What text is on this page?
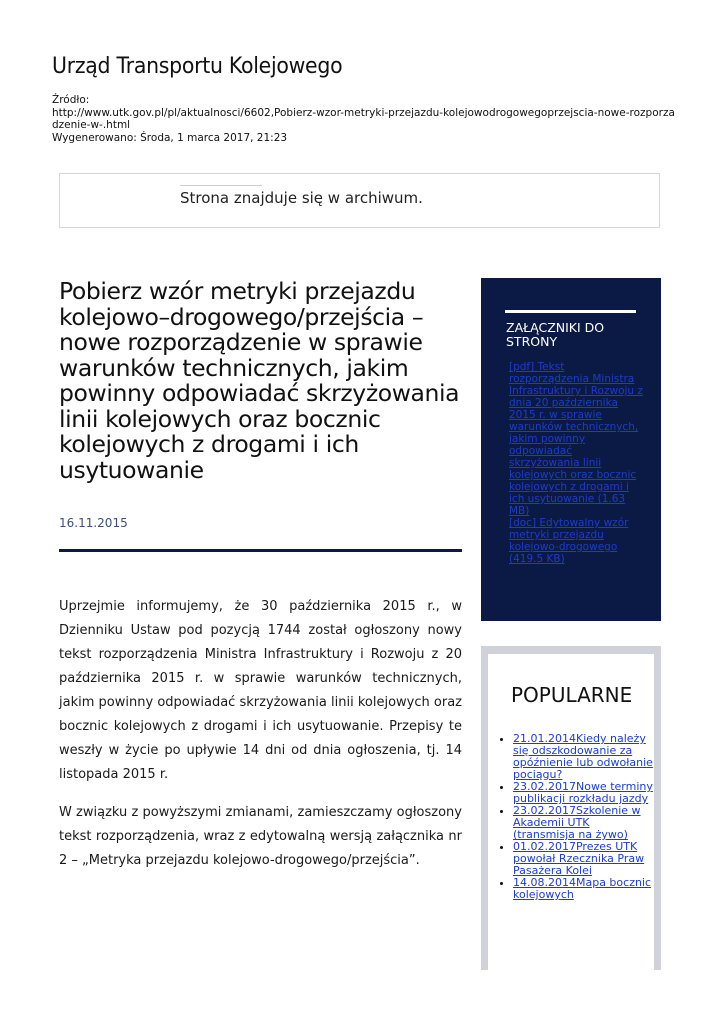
Urząd Transportu Kolejowego
Źródło:
http://www.utk.gov.pl/pl/aktualnosci/6602,Pobierz-wzor-metryki-przejazdu-kolejowodrogowegoprzejscia-nowe-rozporza
dzenie-w-.html
Wygenerowano: Środa, 1 marca 2017, 21:23
Strona znajduje się w archiwum.
Pobierz wzór metryki przejazdu kolejowo–drogowego/przejścia – nowe rozporządzenie w sprawie warunków technicznych, jakim powinny odpowiadać skrzyżowania linii kolejowych oraz bocznic kolejowych z drogami i ich usytuowanie
16.11.2015

Uprzejmie informujemy, że 30 października 2015 r., w Dzienniku Ustaw pod pozycją 1744 został ogłoszony nowy tekst rozporządzenia Ministra Infrastruktury i Rozwoju z 20 października 2015 r. w sprawie warunków technicznych, jakim powinny odpowiadać skrzyżowania linii kolejowych oraz bocznic kolejowych z drogami i ich usytuowanie. Przepisy te weszły w życie po upływie 14 dni od dnia ogłoszenia, tj. 14 listopada 2015 r.

W związku z powyższymi zmianami, zamieszczamy ogłoszony tekst rozporządzenia, wraz z edytowalną wersją załącznika nr 2 – „Metryka przejazdu kolejowo-drogowego/przejścia”.

ZAŁĄCZNIKI DO STRONY
[pdf] Tekst rozporządzenia Ministra Infrastruktury i Rozwoju z dnia 20 października 2015 r. w sprawie warunków technicznych, jakim powinny odpowiadać skrzyżowania linii kolejowych oraz bocznic kolejowych z drogami i ich usytuowanie (1.63 MB)
[doc] Edytowalny wzór metryki przejazdu kolejowo-drogowego (419.5 KB)
POPULARNE
• 21.01.2014Kiedy należy się odszkodowanie za opóźnienie lub odwołanie pociągu?
• 23.02.2017Nowe terminy publikacji rozkładu jazdy
• 23.02.2017Szkolenie w Akademii UTK (transmisja na żywo)
• 01.02.2017Prezes UTK powołał Rzecznika Praw Pasażera Kolei
• 14.08.2014Mapa bocznic kolejowych
